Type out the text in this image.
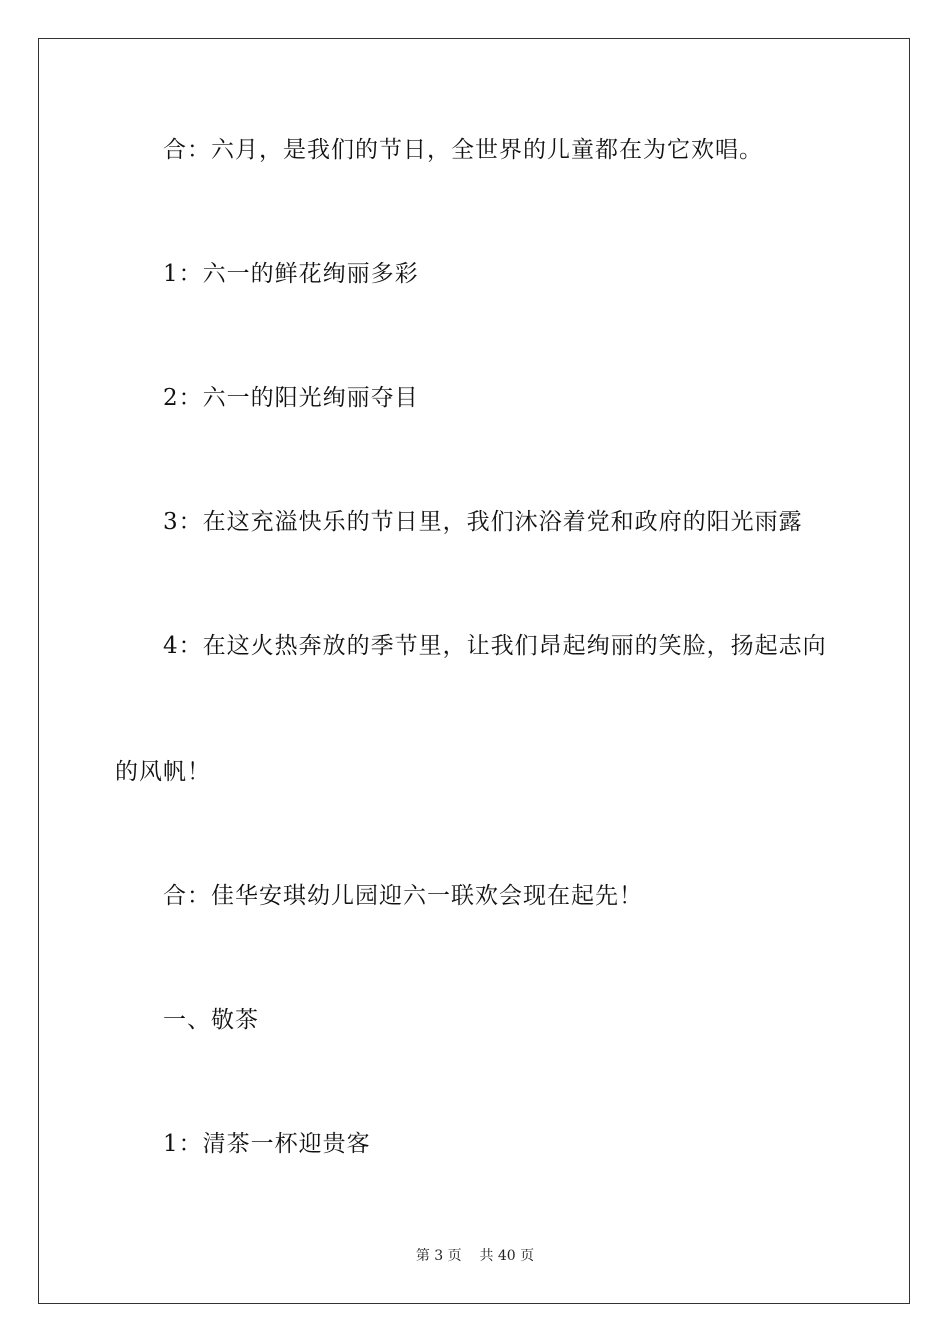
合：六月，是我们的节日，全世界的儿童都在为它欢唱。
1：六一的鲜花绚丽多彩
2：六一的阳光绚丽夺目
3：在这充溢快乐的节日里，我们沐浴着党和政府的阳光雨露
4：在这火热奔放的季节里，让我们昂起绚丽的笑脸，扬起志向
的风帆！
合：佳华安琪幼儿园迎六一联欢会现在起先！
一、敬茶
1：清茶一杯迎贵客
第 3 页 共 40 页
